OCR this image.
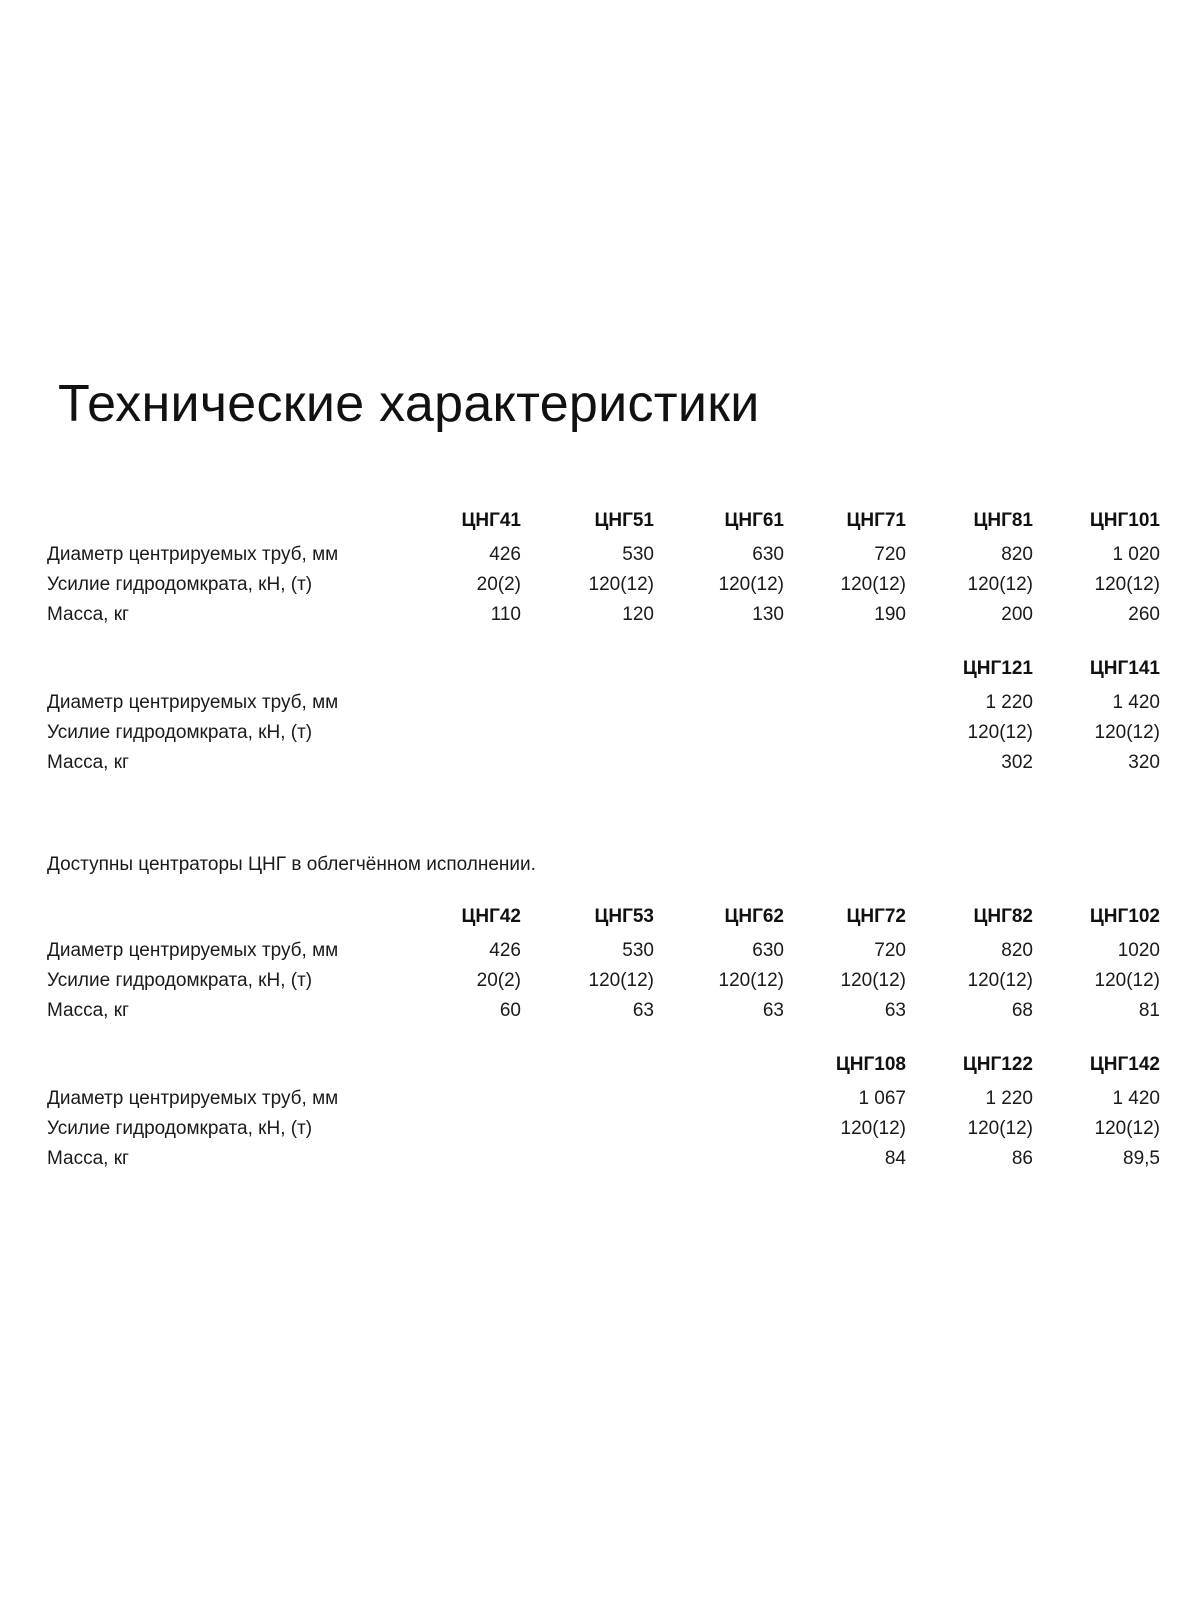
Технические характеристики
	ЦНГ41	ЦНГ51	ЦНГ61	ЦНГ71	ЦНГ81	ЦНГ101
Диаметр центрируемых труб, мм	426	530	630	720	820	1 020
Усилие гидродомкрата, кН, (т)	20(2)	120(12)	120(12)	120(12)	120(12)	120(12)
Масса, кг	110	120	130	190	200	260
					ЦНГ121	ЦНГ141
Диаметр центрируемых труб, мм					1 220	1 420
Усилие гидродомкрата, кН, (т)					120(12)	120(12)
Масса, кг					302	320

Доступны центраторы ЦНГ в облегчённом исполнении.

	ЦНГ42	ЦНГ53	ЦНГ62	ЦНГ72	ЦНГ82	ЦНГ102
Диаметр центрируемых труб, мм	426	530	630	720	820	1020
Усилие гидродомкрата, кН, (т)	20(2)	120(12)	120(12)	120(12)	120(12)	120(12)
Масса, кг	60	63	63	63	68	81
				ЦНГ108	ЦНГ122	ЦНГ142
Диаметр центрируемых труб, мм				1 067	1 220	1 420
Усилие гидродомкрата, кН, (т)				120(12)	120(12)	120(12)
Масса, кг				84	86	89,5
